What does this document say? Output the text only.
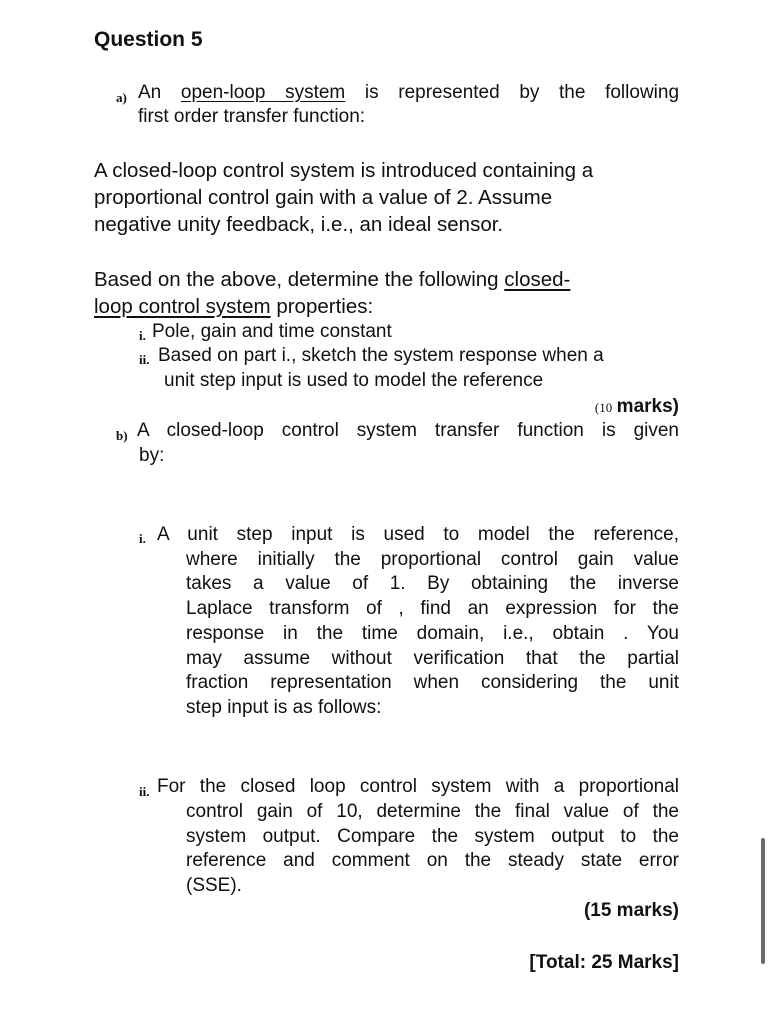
Question 5
a) An open-loop system is represented by the following
first order transfer function:
A closed-loop control system is introduced containing a
proportional control gain with a value of 2. Assume
negative unity feedback, i.e., an ideal sensor.
Based on the above, determine the following closed-
loop control system properties:
i. Pole, gain and time constant
ii. Based on part i., sketch the system response when a
unit step input is used to model the reference
(10 marks)
b) A closed-loop control system transfer function is given
by:
i. A unit step input is used to model the reference,
where initially the proportional control gain value
takes a value of 1. By obtaining the inverse
Laplace transform of , find an expression for the
response in the time domain, i.e., obtain . You
may assume without verification that the partial
fraction representation when considering the unit
step input is as follows:
ii. For the closed loop control system with a proportional
control gain of 10, determine the final value of the
system output. Compare the system output to the
reference and comment on the steady state error
(SSE).
(15 marks)
[Total: 25 Marks]
